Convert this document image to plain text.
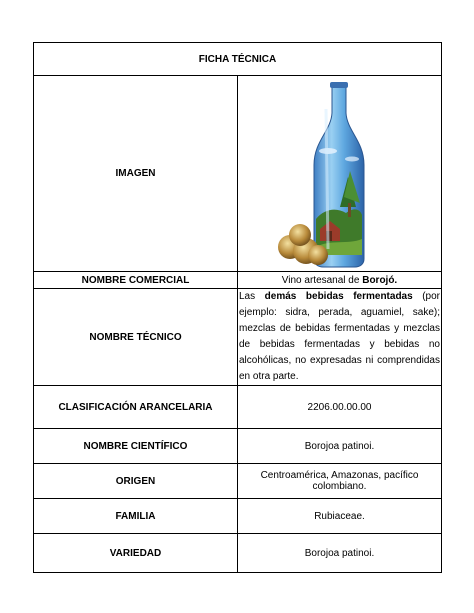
FICHA TÉCNICA	
IMAGEN	

NOMBRE COMERCIAL	Vino artesanal de Borojó.
NOMBRE TÉCNICO	Las demás bebidas fermentadas (por ejemplo: sidra, perada, aguamiel, sake); mezclas de bebidas fermentadas y mezclas de bebidas fermentadas y bebidas no alcohólicas, no expresadas ni comprendidas en otra parte.
CLASIFICACIÓN ARANCELARIA	2206.00.00.00
NOMBRE CIENTÍFICO	Borojoa patinoi.
ORIGEN	Centroamérica, Amazonas, pacífico colombiano.
FAMILIA	Rubiaceae.
VARIEDAD	Borojoa patinoi.
